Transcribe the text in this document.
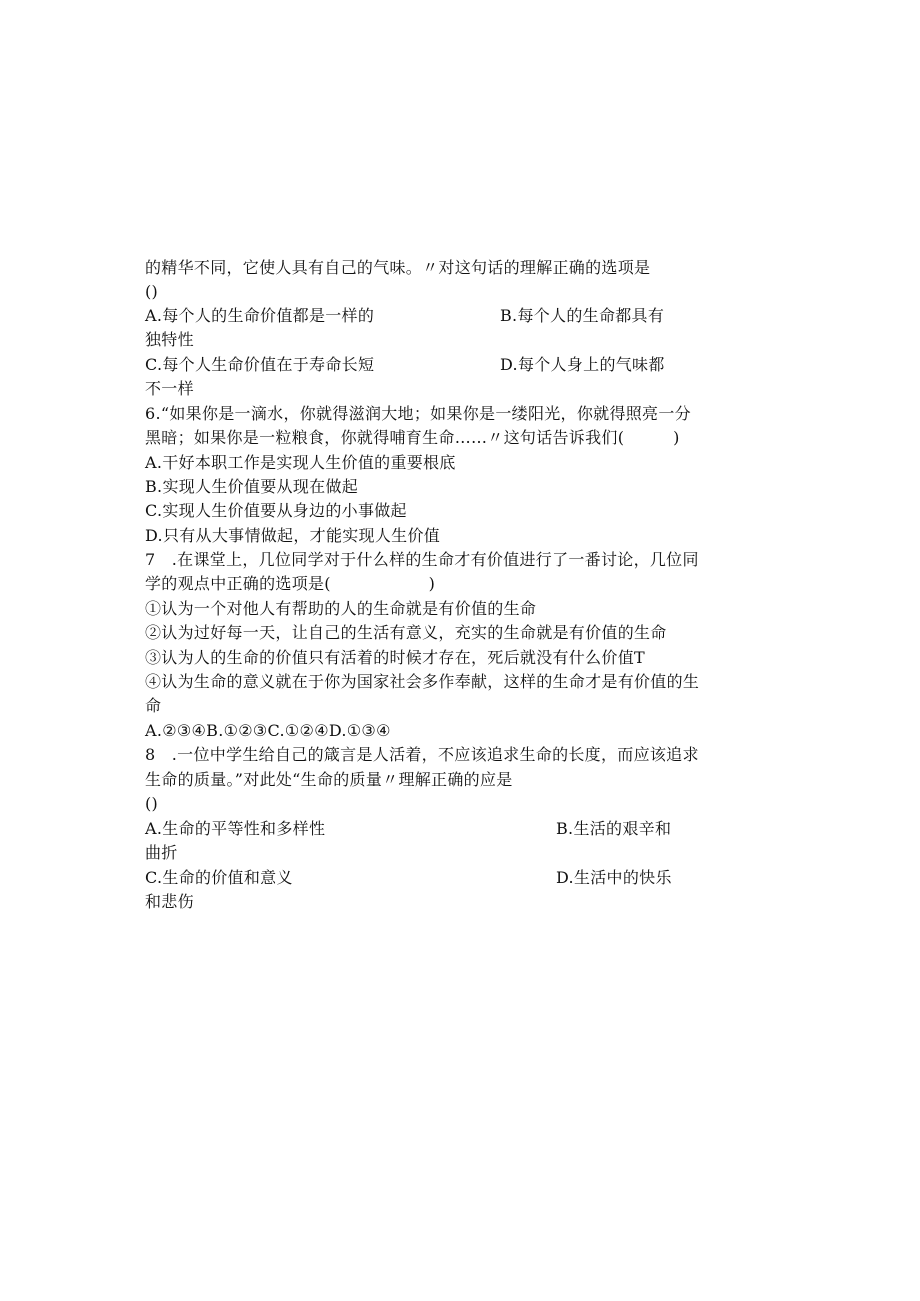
的精华不同，它使人具有自己的气味。〃对这句话的理解正确的选项是
()
A.每个人的生命价值都是一样的	B.每个人的生命都具有
独特性
C.每个人生命价值在于寿命长短	D.每个人身上的气味都
不一样
6.“如果你是一滴水，你就得滋润大地；如果你是一缕阳光，你就得照亮一分
黑暗；如果你是一粒粮食，你就得哺育生命……〃这句话告诉我们(　　　)
A.干好本职工作是实现人生价值的重要根底
B.实现人生价值要从现在做起
C.实现人生价值要从身边的小事做起
D.只有从大事情做起，才能实现人生价值
7　.在课堂上，几位同学对于什么样的生命才有价值进行了一番讨论，几位同
学的观点中正确的选项是(　　　　　　)
①认为一个对他人有帮助的人的生命就是有价值的生命
②认为过好每一天，让自己的生活有意义，充实的生命就是有价值的生命
③认为人的生命的价值只有活着的时候才存在，死后就没有什么价值T
④认为生命的意义就在于你为国家社会多作奉献，这样的生命才是有价值的生
命
A.②③④B.①②③C.①②④D.①③④
8　.一位中学生给自己的箴言是人活着，不应该追求生命的长度，而应该追求
生命的质量。”对此处“生命的质量〃理解正确的应是
()
A.生命的平等性和多样性	B.生活的艰辛和
曲折
C.生命的价值和意义	D.生活中的快乐
和悲伤
